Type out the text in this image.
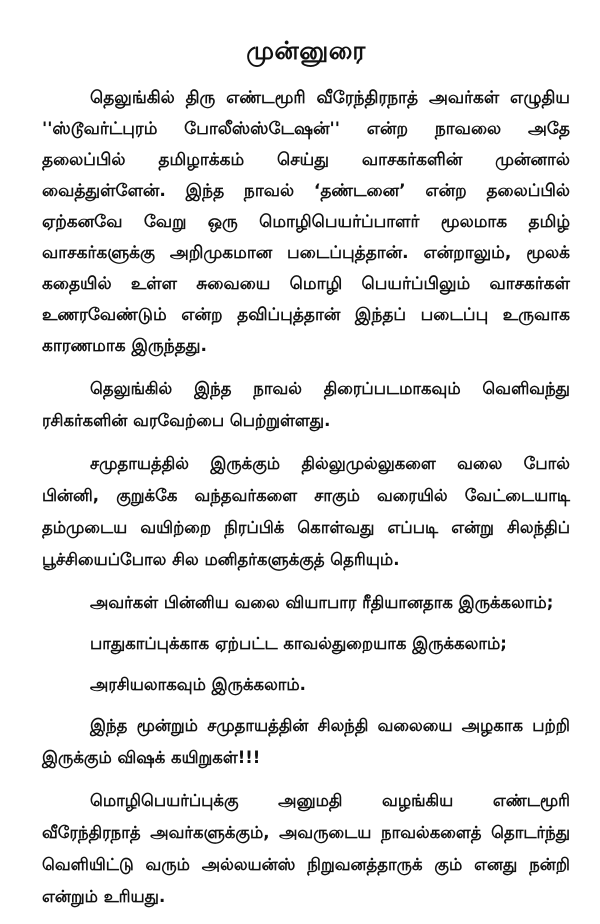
முன்னுரை

தெலுங்கில் திரு எண்டமூரி வீரேந்திரநாத் அவர்கள் எழுதிய ''ஸ்டூவர்ட்புரம் போலீஸ்ஸ்டேஷன்'' என்ற நாவலை அதே தலைப்பில் தமிழாக்கம் செய்து வாசகர்களின் முன்னால் வைத்துள்ளேன். இந்த நாவல் ‘தண்டனை’ என்ற தலைப்பில் ஏற்கனவே வேறு ஒரு மொழிபெயர்ப்பாளர் மூலமாக தமிழ் வாசகர்களுக்கு அறிமுகமான படைப்புத்தான். என்றாலும், மூலக் கதையில் உள்ள சுவையை மொழி பெயர்ப்பிலும் வாசகர்கள் உணரவேண்டும் என்ற தவிப்புத்தான் இந்தப் படைப்பு உருவாக காரணமாக இருந்தது.

தெலுங்கில் இந்த நாவல் திரைப்படமாகவும் வெளிவந்து ரசிகர்களின் வரவேற்பை பெற்றுள்ளது.

சமுதாயத்தில் இருக்கும் தில்லுமுல்லுகளை வலை போல் பின்னி, குறுக்கே வந்தவர்களை சாகும் வரையில் வேட்டையாடி தம்முடைய வயிற்றை நிரப்பிக் கொள்வது எப்படி என்று சிலந்திப் பூச்சியைப்போல சில மனிதர்களுக்குத் தெரியும்.

அவர்கள் பின்னிய வலை வியாபார ரீதியானதாக இருக்கலாம்;

பாதுகாப்புக்காக ஏற்பட்ட காவல்துறையாக இருக்கலாம்;

அரசியலாகவும் இருக்கலாம்.

இந்த மூன்றும் சமுதாயத்தின் சிலந்தி வலையை அழகாக பற்றி இருக்கும் விஷக் கயிறுகள்!!!

மொழிபெயர்ப்புக்கு அனுமதி வழங்கிய எண்டமூரி வீரேந்திரநாத் அவர்களுக்கும், அவருடைய நாவல்களைத் தொடர்ந்து வெளியிட்டு வரும் அல்லயன்ஸ் நிறுவனத்தாருக் கும் எனது நன்றி என்றும் உரியது.
